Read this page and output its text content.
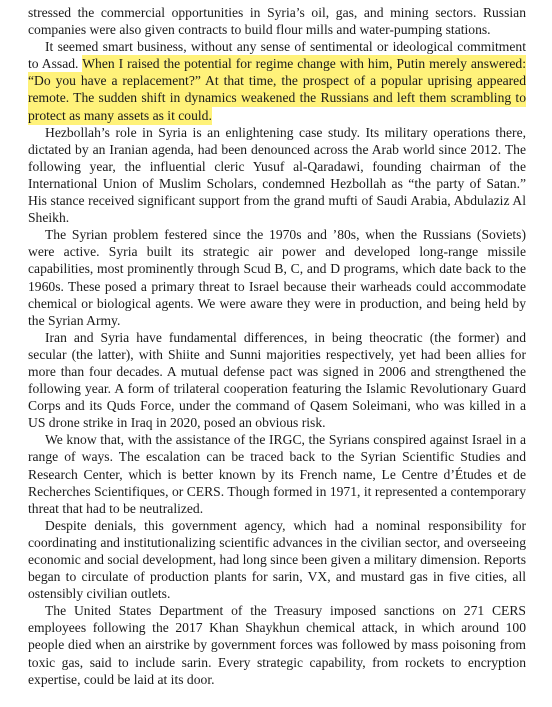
stressed the commercial opportunities in Syria’s oil, gas, and mining sectors. Russian companies were also given contracts to build flour mills and water-pumping stations.

It seemed smart business, without any sense of sentimental or ideological commitment to Assad. When I raised the potential for regime change with him, Putin merely answered: “Do you have a replacement?” At that time, the prospect of a popular uprising appeared remote. The sudden shift in dynamics weakened the Russians and left them scrambling to protect as many assets as it could.

Hezbollah’s role in Syria is an enlightening case study. Its military operations there, dictated by an Iranian agenda, had been denounced across the Arab world since 2012. The following year, the influential cleric Yusuf al-Qaradawi, founding chairman of the International Union of Muslim Scholars, condemned Hezbollah as “the party of Satan.” His stance received significant support from the grand mufti of Saudi Arabia, Abdulaziz Al Sheikh.

The Syrian problem festered since the 1970s and ’80s, when the Russians (Soviets) were active. Syria built its strategic air power and developed long-range missile capabilities, most prominently through Scud B, C, and D programs, which date back to the 1960s. These posed a primary threat to Israel because their warheads could accommodate chemical or biological agents. We were aware they were in production, and being held by the Syrian Army.

Iran and Syria have fundamental differences, in being theocratic (the former) and secular (the latter), with Shiite and Sunni majorities respectively, yet had been allies for more than four decades. A mutual defense pact was signed in 2006 and strengthened the following year. A form of trilateral cooperation featuring the Islamic Revolutionary Guard Corps and its Quds Force, under the command of Qasem Soleimani, who was killed in a US drone strike in Iraq in 2020, posed an obvious risk.

We know that, with the assistance of the IRGC, the Syrians conspired against Israel in a range of ways. The escalation can be traced back to the Syrian Scientific Studies and Research Center, which is better known by its French name, Le Centre d’Études et de Recherches Scientifiques, or CERS. Though formed in 1971, it represented a contemporary threat that had to be neutralized.

Despite denials, this government agency, which had a nominal responsibility for coordinating and institutionalizing scientific advances in the civilian sector, and overseeing economic and social development, had long since been given a military dimension. Reports began to circulate of production plants for sarin, VX, and mustard gas in five cities, all ostensibly civilian outlets.

The United States Department of the Treasury imposed sanctions on 271 CERS employees following the 2017 Khan Shaykhun chemical attack, in which around 100 people died when an airstrike by government forces was followed by mass poisoning from toxic gas, said to include sarin. Every strategic capability, from rockets to encryption expertise, could be laid at its door.
